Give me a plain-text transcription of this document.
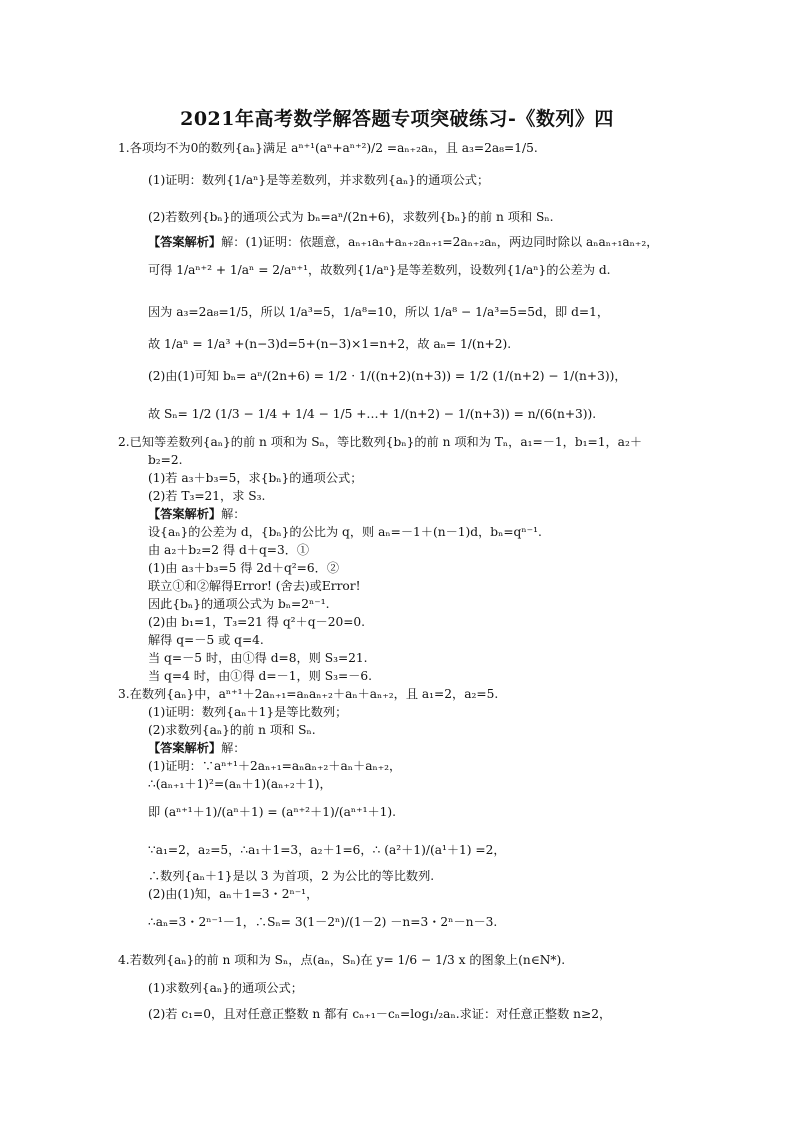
2021年高考数学解答题专项突破练习-《数列》四
1.各项均不为0的数列{aₙ}满足 aⁿ⁺¹(aⁿ+aⁿ⁺²)/2 =aₙ₊₂aₙ，且 a₃=2a₈=1/5.
(1)证明：数列{1/aⁿ}是等差数列，并求数列{aₙ}的通项公式；
(2)若数列{bₙ}的通项公式为 bₙ=aⁿ/(2n+6)，求数列{bₙ}的前 n 项和 Sₙ.
【答案解析】解：(1)证明：依题意，aₙ₊₁aₙ+aₙ₊₂aₙ₊₁=2aₙ₊₂aₙ，两边同时除以 aₙaₙ₊₁aₙ₊₂，
可得 1/aⁿ⁺² + 1/aⁿ = 2/aⁿ⁺¹，故数列{1/aⁿ}是等差数列，设数列{1/aⁿ}的公差为 d.
因为 a₃=2a₈=1/5，所以 1/a³=5，1/a⁸=10，所以 1/a⁸ − 1/a³=5=5d，即 d=1，
故 1/aⁿ = 1/a³ +(n−3)d=5+(n−3)×1=n+2，故 aₙ= 1/(n+2).
(2)由(1)可知 bₙ= aⁿ/(2n+6) = 1/2 · 1/((n+2)(n+3)) = 1/2 (1/(n+2) − 1/(n+3))，
故 Sₙ= 1/2 (1/3 − 1/4 + 1/4 − 1/5 +…+ 1/(n+2) − 1/(n+3)) = n/(6(n+3)).
2.已知等差数列{aₙ}的前 n 项和为 Sₙ，等比数列{bₙ}的前 n 项和为 Tₙ，a₁=－1，b₁=1，a₂＋
b₂=2.
(1)若 a₃＋b₃=5，求{bₙ}的通项公式；
(2)若 T₃=21，求 S₃.
【答案解析】解：
设{aₙ}的公差为 d，{bₙ}的公比为 q，则 aₙ=－1＋(n－1)d，bₙ=qⁿ⁻¹.
由 a₂＋b₂=2 得 d＋q=3．①
(1)由 a₃＋b₃=5 得 2d＋q²=6．②
联立①和②解得Error! (舍去)或Error!
因此{bₙ}的通项公式为 bₙ=2ⁿ⁻¹.
(2)由 b₁=1，T₃=21 得 q²＋q－20=0.
解得 q=－5 或 q=4.
当 q=－5 时，由①得 d=8，则 S₃=21.
当 q=4 时，由①得 d=－1，则 S₃=－6.
3.在数列{aₙ}中，aⁿ⁺¹＋2aₙ₊₁=aₙaₙ₊₂＋aₙ＋aₙ₊₂，且 a₁=2，a₂=5.
(1)证明：数列{aₙ＋1}是等比数列；
(2)求数列{aₙ}的前 n 项和 Sₙ.
【答案解析】解：
(1)证明：∵aⁿ⁺¹＋2aₙ₊₁=aₙaₙ₊₂＋aₙ＋aₙ₊₂，
∴(aₙ₊₁＋1)²=(aₙ＋1)(aₙ₊₂＋1)，
即 (aⁿ⁺¹＋1)/(aⁿ＋1) = (aⁿ⁺²＋1)/(aⁿ⁺¹＋1).
∵a₁=2，a₂=5，∴a₁＋1=3，a₂＋1=6，∴ (a²＋1)/(a¹＋1) =2，
∴数列{aₙ＋1}是以 3 为首项，2 为公比的等比数列.
(2)由(1)知，aₙ＋1=3・2ⁿ⁻¹，
∴aₙ=3・2ⁿ⁻¹－1，∴Sₙ= 3(1－2ⁿ)/(1－2) －n=3・2ⁿ－n－3.
4.若数列{aₙ}的前 n 项和为 Sₙ，点(aₙ，Sₙ)在 y= 1/6 − 1/3 x 的图象上(n∈N*).
(1)求数列{aₙ}的通项公式；
(2)若 c₁=0，且对任意正整数 n 都有 cₙ₊₁－cₙ=log₁/₂aₙ.求证：对任意正整数 n≥2，
